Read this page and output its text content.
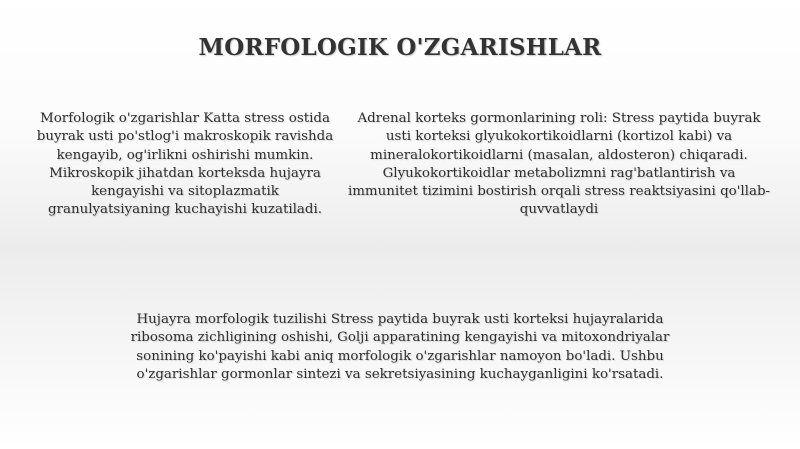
MORFOLOGIK O'ZGARISHLAR

Morfologik o'zgarishlar Katta stress ostida buyrak usti po'stlog'i makroskopik ravishda kengayib, og'irlikni oshirishi mumkin. Mikroskopik jihatdan korteksda hujayra kengayishi va sitoplazmatik granulyatsiyaning kuchayishi kuzatiladi.

Adrenal korteks gormonlarining roli: Stress paytida buyrak usti korteksi glyukokortikoidlarni (kortizol kabi) va mineralokortikoidlarni (masalan, aldosteron) chiqaradi. Glyukokortikoidlar metabolizmni rag'batlantirish va immunitet tizimini bostirish orqali stress reaktsiyasini qo'llab-quvvatlaydi

Hujayra morfologik tuzilishi Stress paytida buyrak usti korteksi hujayralarida ribosoma zichligining oshishi, Golji apparatining kengayishi va mitoxondriyalar sonining ko'payishi kabi aniq morfologik o'zgarishlar namoyon bo'ladi. Ushbu o'zgarishlar gormonlar sintezi va sekretsiyasining kuchayganligini ko'rsatadi.
